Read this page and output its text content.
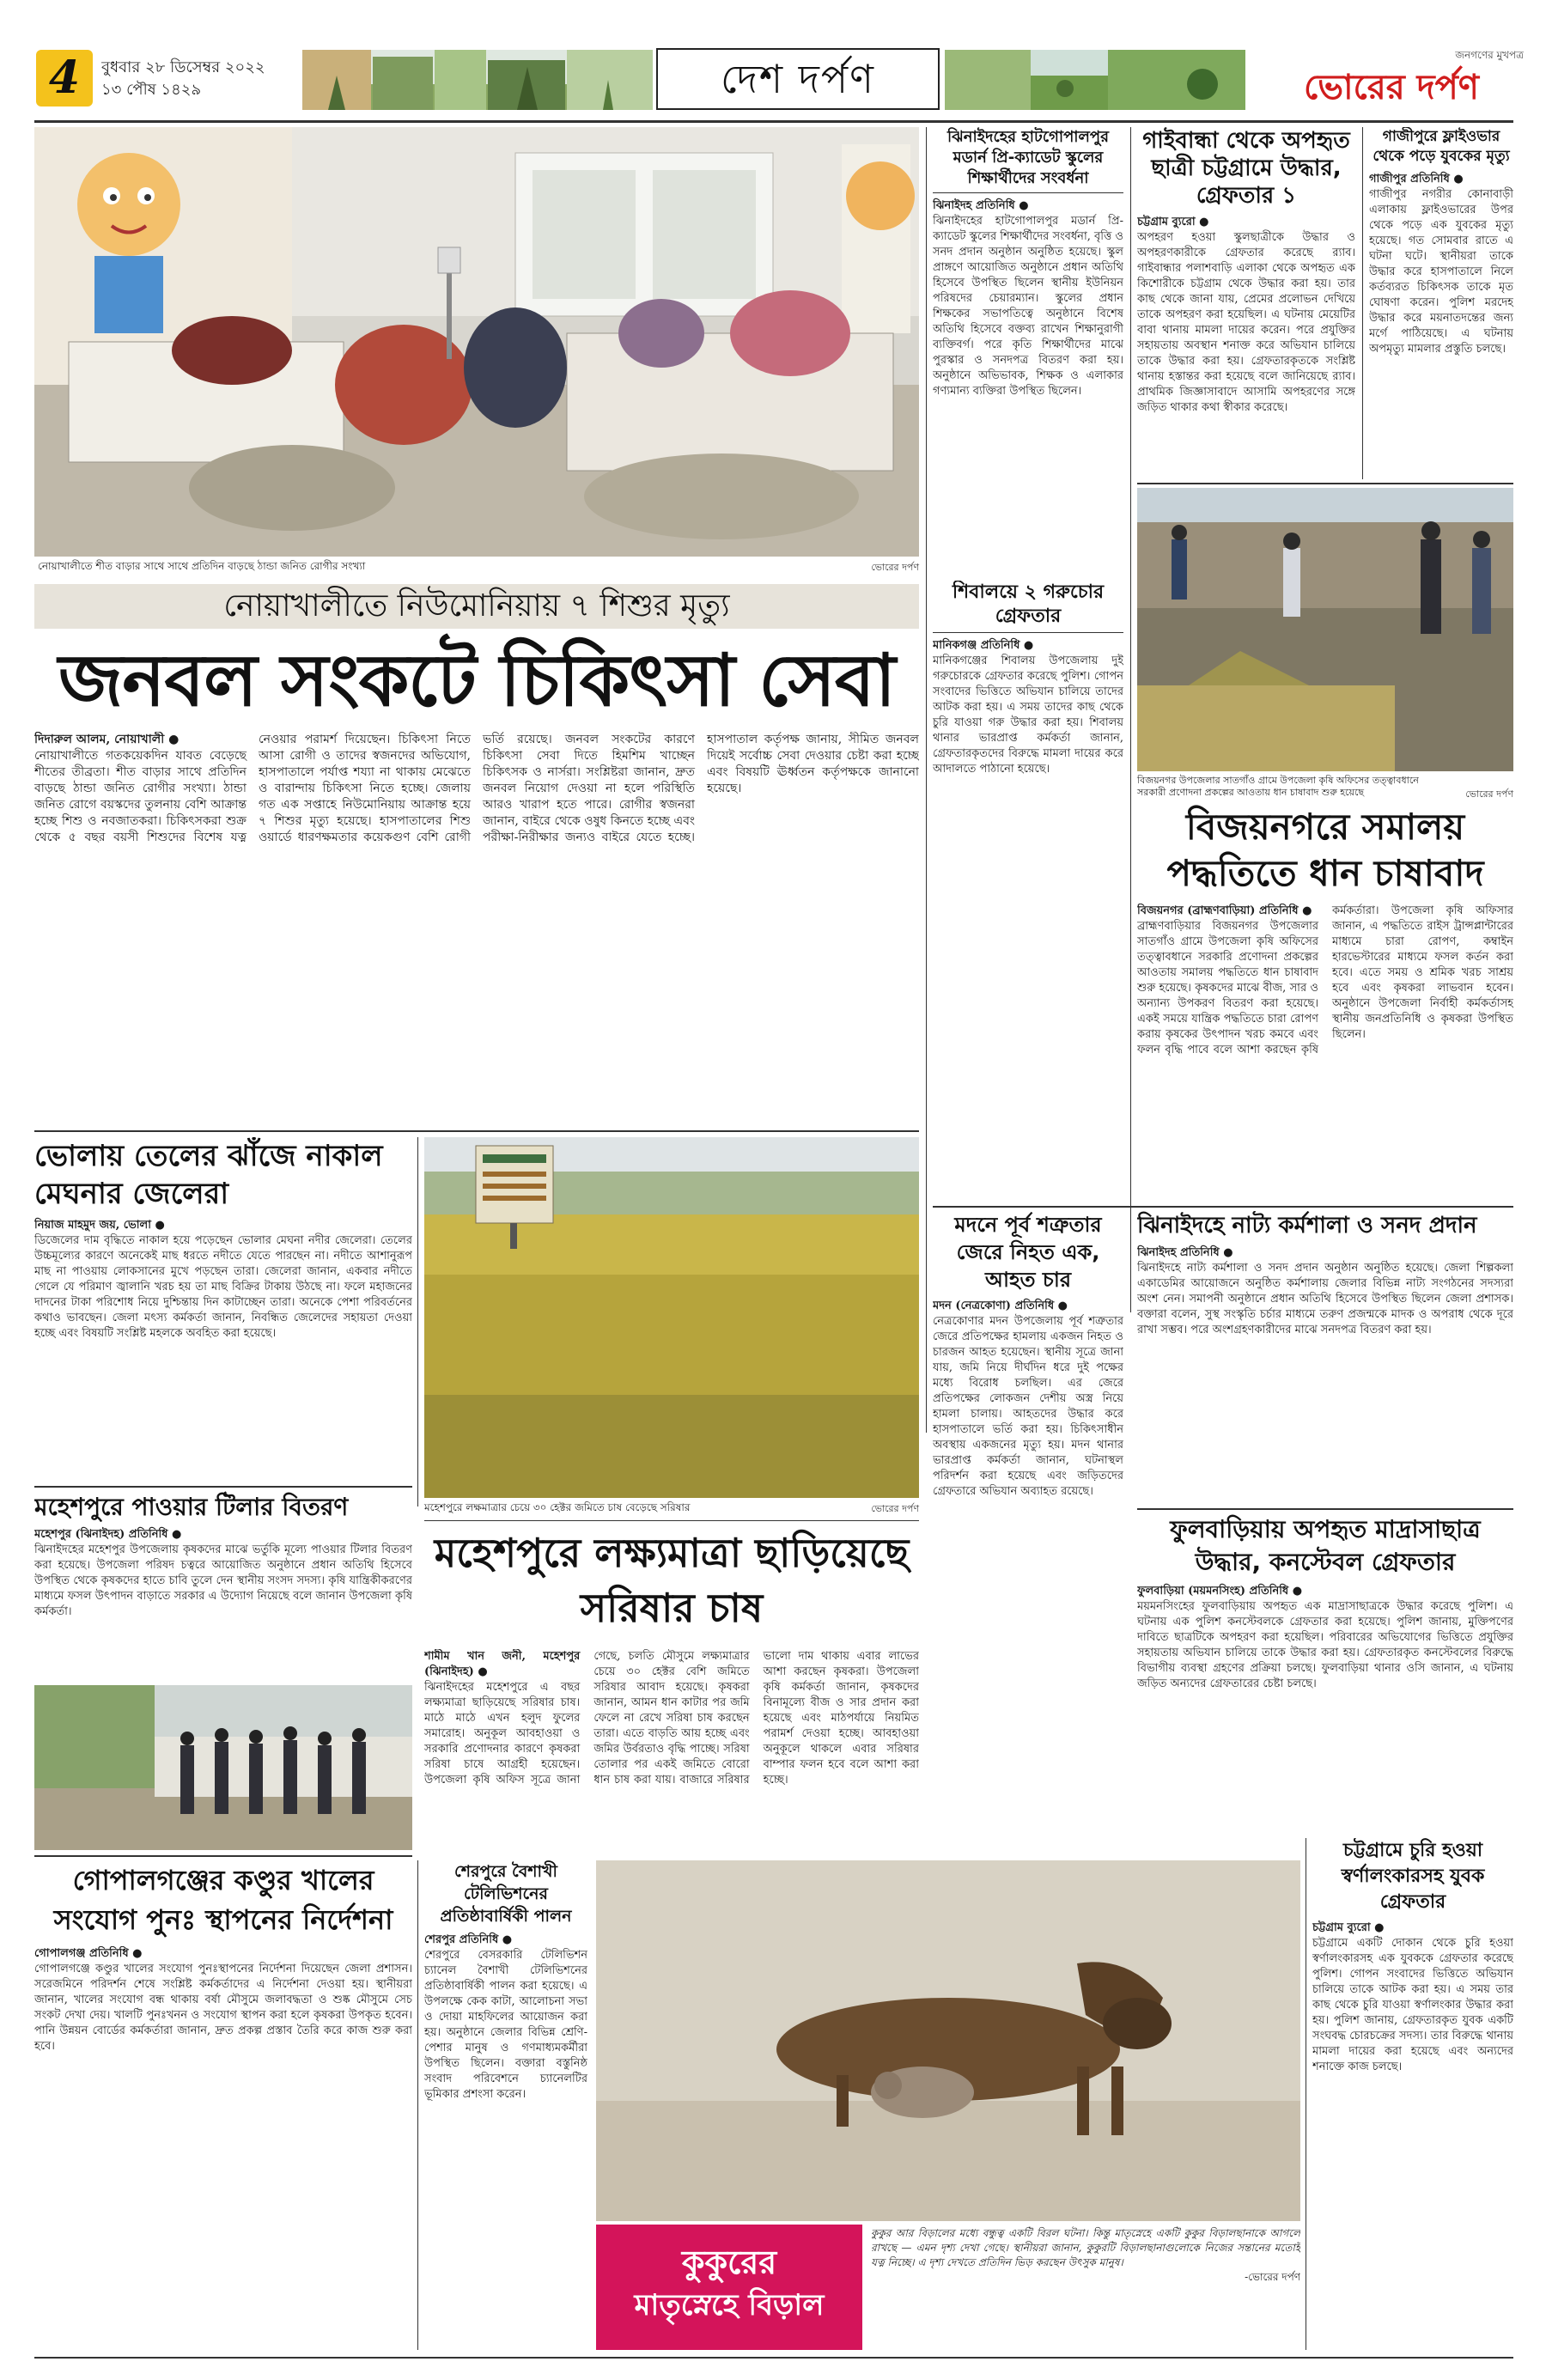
4	বুধবার ২৮ ডিসেম্বর ২০২২
১৩ পৌষ ১৪২৯	দেশ দর্পণ
জনগণের মুখপত্র
ভোরের দর্পণ
নোয়াখালীতে শীত বাড়ার সাথে সাথে প্রতিদিন বাড়ছে ঠান্ডা জনিত রোগীর সংখ্যা	ভোরের দর্পণ
নোয়াখালীতে নিউমোনিয়ায় ৭ শিশুর মৃত্যু
জনবল সংকটে চিকিৎসা সেবা
দিদারুল আলম, নোয়াখালী ●
নোয়াখালীতে গতকয়েকদিন যাবত বেড়েছে শীতের তীব্রতা। শীত বাড়ার সাথে প্রতিদিন বাড়ছে ঠান্ডা জনিত রোগীর সংখ্যা। ঠান্ডা জনিত রোগে বয়স্কদের তুলনায় বেশি আক্রান্ত হচ্ছে শিশু ও নবজাতকরা। চিকিৎসকরা শুক্র থেকে ৫ বছর বয়সী শিশুদের বিশেষ যত্ন নেওয়ার পরামর্শ দিয়েছেন। চিকিৎসা নিতে আসা রোগী ও তাদের স্বজনদের অভিযোগ, হাসপাতালে পর্যাপ্ত শয্যা না থাকায় মেঝেতে ও বারান্দায় চিকিৎসা নিতে হচ্ছে। জেলায় গত এক সপ্তাহে নিউমোনিয়ায় আক্রান্ত হয়ে ৭ শিশুর মৃত্যু হয়েছে। হাসপাতালের শিশু ওয়ার্ডে ধারণক্ষমতার কয়েকগুণ বেশি রোগী ভর্তি রয়েছে। জনবল সংকটের কারণে চিকিৎসা সেবা দিতে হিমশিম খাচ্ছেন চিকিৎসক ও নার্সরা। সংশ্লিষ্টরা জানান, দ্রুত জনবল নিয়োগ দেওয়া না হলে পরিস্থিতি আরও খারাপ হতে পারে। রোগীর স্বজনরা জানান, বাইরে থেকে ওষুধ কিনতে হচ্ছে এবং পরীক্ষা-নিরীক্ষার জন্যও বাইরে যেতে হচ্ছে। হাসপাতাল কর্তৃপক্ষ জানায়, সীমিত জনবল দিয়েই সর্বোচ্চ সেবা দেওয়ার চেষ্টা করা হচ্ছে এবং বিষয়টি ঊর্ধ্বতন কর্তৃপক্ষকে জানানো হয়েছে।
ঝিনাইদহের হাটগোপালপুর মডার্ন প্রি-ক্যাডেট স্কুলের শিক্ষার্থীদের সংবর্ধনা
ঝিনাইদহ প্রতিনিধি ●
ঝিনাইদহের হাটগোপালপুর মডার্ন প্রি-ক্যাডেট স্কুলের শিক্ষার্থীদের সংবর্ধনা, বৃত্তি ও সনদ প্রদান অনুষ্ঠান অনুষ্ঠিত হয়েছে। স্কুল প্রাঙ্গণে আয়োজিত অনুষ্ঠানে প্রধান অতিথি হিসেবে উপস্থিত ছিলেন স্থানীয় ইউনিয়ন পরিষদের চেয়ারম্যান। স্কুলের প্রধান শিক্ষকের সভাপতিত্বে অনুষ্ঠানে বিশেষ অতিথি হিসেবে বক্তব্য রাখেন শিক্ষানুরাগী ব্যক্তিবর্গ। পরে কৃতি শিক্ষার্থীদের মাঝে পুরস্কার ও সনদপত্র বিতরণ করা হয়। অনুষ্ঠানে অভিভাবক, শিক্ষক ও এলাকার গণ্যমান্য ব্যক্তিরা উপস্থিত ছিলেন।
শিবালয়ে ২ গরুচোর গ্রেফতার
মানিকগঞ্জ প্রতিনিধি ●
মানিকগঞ্জের শিবালয় উপজেলায় দুই গরুচোরকে গ্রেফতার করেছে পুলিশ। গোপন সংবাদের ভিত্তিতে অভিযান চালিয়ে তাদের আটক করা হয়। এ সময় তাদের কাছ থেকে চুরি যাওয়া গরু উদ্ধার করা হয়। শিবালয় থানার ভারপ্রাপ্ত কর্মকর্তা জানান, গ্রেফতারকৃতদের বিরুদ্ধে মামলা দায়ের করে আদালতে পাঠানো হয়েছে।
গাইবান্ধা থেকে অপহৃত ছাত্রী চট্টগ্রামে উদ্ধার, গ্রেফতার ১
চট্টগ্রাম ব্যুরো ●
অপহরণ হওয়া স্কুলছাত্রীকে উদ্ধার ও অপহরণকারীকে গ্রেফতার করেছে র‌্যাব। গাইবান্ধার পলাশবাড়ি এলাকা থেকে অপহৃত এক কিশোরীকে চট্টগ্রাম থেকে উদ্ধার করা হয়। তার কাছ থেকে জানা যায়, প্রেমের প্রলোভন দেখিয়ে তাকে অপহরণ করা হয়েছিল। এ ঘটনায় মেয়েটির বাবা থানায় মামলা দায়ের করেন। পরে প্রযুক্তির সহায়তায় অবস্থান শনাক্ত করে অভিযান চালিয়ে তাকে উদ্ধার করা হয়। গ্রেফতারকৃতকে সংশ্লিষ্ট থানায় হস্তান্তর করা হয়েছে বলে জানিয়েছে র‌্যাব। প্রাথমিক জিজ্ঞাসাবাদে আসামি অপহরণের সঙ্গে জড়িত থাকার কথা স্বীকার করেছে।
গাজীপুরে ফ্লাইওভার থেকে পড়ে যুবকের মৃত্যু
গাজীপুর প্রতিনিধি ●
গাজীপুর নগরীর কোনাবাড়ী এলাকায় ফ্লাইওভারের উপর থেকে পড়ে এক যুবকের মৃত্যু হয়েছে। গত সোমবার রাতে এ ঘটনা ঘটে। স্থানীয়রা তাকে উদ্ধার করে হাসপাতালে নিলে কর্তব্যরত চিকিৎসক তাকে মৃত ঘোষণা করেন। পুলিশ মরদেহ উদ্ধার করে ময়নাতদন্তের জন্য মর্গে পাঠিয়েছে। এ ঘটনায় অপমৃত্যু মামলার প্রস্তুতি চলছে।
বিজয়নগর উপজেলার সাতগাঁও গ্রামে উপজেলা কৃষি অফিসের তত্ত্বাবধানে সরকারী প্রণোদনা প্রকল্পের আওতায় ধান চাষাবাদ শুরু হয়েছে	ভোরের দর্পণ
বিজয়নগরে সমালয় পদ্ধতিতে ধান চাষাবাদ
বিজয়নগর (ব্রাহ্মণবাড়িয়া) প্রতিনিধি ●
ব্রাহ্মণবাড়িয়ার বিজয়নগর উপজেলার সাতগাঁও গ্রামে উপজেলা কৃষি অফিসের তত্ত্বাবধানে সরকারি প্রণোদনা প্রকল্পের আওতায় সমালয় পদ্ধতিতে ধান চাষাবাদ শুরু হয়েছে। কৃষকদের মাঝে বীজ, সার ও অন্যান্য উপকরণ বিতরণ করা হয়েছে। একই সময়ে যান্ত্রিক পদ্ধতিতে চারা রোপণ করায় কৃষকের উৎপাদন খরচ কমবে এবং ফলন বৃদ্ধি পাবে বলে আশা করছেন কৃষি কর্মকর্তারা। উপজেলা কৃষি অফিসার জানান, এ পদ্ধতিতে রাইস ট্রান্সপ্লান্টারের মাধ্যমে চারা রোপণ, কম্বাইন হারভেস্টারের মাধ্যমে ফসল কর্তন করা হবে। এতে সময় ও শ্রমিক খরচ সাশ্রয় হবে এবং কৃষকরা লাভবান হবেন। অনুষ্ঠানে উপজেলা নির্বাহী কর্মকর্তাসহ স্থানীয় জনপ্রতিনিধি ও কৃষকরা উপস্থিত ছিলেন।
ভোলায় তেলের ঝাঁজে নাকাল মেঘনার জেলেরা
নিয়াজ মাহমুদ জয়, ভোলা ●
ডিজেলের দাম বৃদ্ধিতে নাকাল হয়ে পড়েছেন ভোলার মেঘনা নদীর জেলেরা। তেলের উচ্চমূল্যের কারণে অনেকেই মাছ ধরতে নদীতে যেতে পারছেন না। নদীতে আশানুরূপ মাছ না পাওয়ায় লোকসানের মুখে পড়ছেন তারা। জেলেরা জানান, একবার নদীতে গেলে যে পরিমাণ জ্বালানি খরচ হয় তা মাছ বিক্রির টাকায় উঠছে না। ফলে মহাজনের দাদনের টাকা পরিশোধ নিয়ে দুশ্চিন্তায় দিন কাটাচ্ছেন তারা। অনেকে পেশা পরিবর্তনের কথাও ভাবছেন। জেলা মৎস্য কর্মকর্তা জানান, নিবন্ধিত জেলেদের সহায়তা দেওয়া হচ্ছে এবং বিষয়টি সংশ্লিষ্ট মহলকে অবহিত করা হয়েছে।
মহেশপুরে লক্ষমাত্রার চেয়ে ৩০ হেক্টর জমিতে চাষ বেড়েছে সরিষার	ভোরের দর্পণ
মদনে পূর্ব শত্রুতার জেরে নিহত এক, আহত চার
মদন (নেত্রকোণা) প্রতিনিধি ●
নেত্রকোণার মদন উপজেলায় পূর্ব শত্রুতার জেরে প্রতিপক্ষের হামলায় একজন নিহত ও চারজন আহত হয়েছেন। স্থানীয় সূত্রে জানা যায়, জমি নিয়ে দীর্ঘদিন ধরে দুই পক্ষের মধ্যে বিরোধ চলছিল। এর জেরে প্রতিপক্ষের লোকজন দেশীয় অস্ত্র নিয়ে হামলা চালায়। আহতদের উদ্ধার করে হাসপাতালে ভর্তি করা হয়। চিকিৎসাধীন অবস্থায় একজনের মৃত্যু হয়। মদন থানার ভারপ্রাপ্ত কর্মকর্তা জানান, ঘটনাস্থল পরিদর্শন করা হয়েছে এবং জড়িতদের গ্রেফতারে অভিযান অব্যাহত রয়েছে।
ঝিনাইদহে নাট্য কর্মশালা ও সনদ প্রদান
ঝিনাইদহ প্রতিনিধি ●
ঝিনাইদহে নাট্য কর্মশালা ও সনদ প্রদান অনুষ্ঠান অনুষ্ঠিত হয়েছে। জেলা শিল্পকলা একাডেমির আয়োজনে অনুষ্ঠিত কর্মশালায় জেলার বিভিন্ন নাট্য সংগঠনের সদস্যরা অংশ নেন। সমাপনী অনুষ্ঠানে প্রধান অতিথি হিসেবে উপস্থিত ছিলেন জেলা প্রশাসক। বক্তারা বলেন, সুস্থ সংস্কৃতি চর্চার মাধ্যমে তরুণ প্রজন্মকে মাদক ও অপরাধ থেকে দূরে রাখা সম্ভব। পরে অংশগ্রহণকারীদের মাঝে সনদপত্র বিতরণ করা হয়।
ফুলবাড়িয়ায় অপহৃত মাদ্রাসাছাত্র উদ্ধার, কনস্টেবল গ্রেফতার
ফুলবাড়িয়া (ময়মনসিংহ) প্রতিনিধি ●
ময়মনসিংহের ফুলবাড়িয়ায় অপহৃত এক মাদ্রাসাছাত্রকে উদ্ধার করেছে পুলিশ। এ ঘটনায় এক পুলিশ কনস্টেবলকে গ্রেফতার করা হয়েছে। পুলিশ জানায়, মুক্তিপণের দাবিতে ছাত্রটিকে অপহরণ করা হয়েছিল। পরিবারের অভিযোগের ভিত্তিতে প্রযুক্তির সহায়তায় অভিযান চালিয়ে তাকে উদ্ধার করা হয়। গ্রেফতারকৃত কনস্টেবলের বিরুদ্ধে বিভাগীয় ব্যবস্থা গ্রহণের প্রক্রিয়া চলছে। ফুলবাড়িয়া থানার ওসি জানান, এ ঘটনায় জড়িত অন্যদের গ্রেফতারের চেষ্টা চলছে।
মহেশপুরে পাওয়ার টিলার বিতরণ
মহেশপুর (ঝিনাইদহ) প্রতিনিধি ●
ঝিনাইদহের মহেশপুর উপজেলায় কৃষকদের মাঝে ভর্তুকি মূল্যে পাওয়ার টিলার বিতরণ করা হয়েছে। উপজেলা পরিষদ চত্বরে আয়োজিত অনুষ্ঠানে প্রধান অতিথি হিসেবে উপস্থিত থেকে কৃষকদের হাতে চাবি তুলে দেন স্থানীয় সংসদ সদস্য। কৃষি যান্ত্রিকীকরণের মাধ্যমে ফসল উৎপাদন বাড়াতে সরকার এ উদ্যোগ নিয়েছে বলে জানান উপজেলা কৃষি কর্মকর্তা।
মহেশপুরে লক্ষ্যমাত্রা ছাড়িয়েছে সরিষার চাষ
শামীম খান জনী, মহেশপুর (ঝিনাইদহ) ●
ঝিনাইদহের মহেশপুরে এ বছর লক্ষ্যমাত্রা ছাড়িয়েছে সরিষার চাষ। মাঠে মাঠে এখন হলুদ ফুলের সমারোহ। অনুকূল আবহাওয়া ও সরকারি প্রণোদনার কারণে কৃষকরা সরিষা চাষে আগ্রহী হয়েছেন। উপজেলা কৃষি অফিস সূত্রে জানা গেছে, চলতি মৌসুমে লক্ষ্যমাত্রার চেয়ে ৩০ হেক্টর বেশি জমিতে সরিষার আবাদ হয়েছে। কৃষকরা জানান, আমন ধান কাটার পর জমি ফেলে না রেখে সরিষা চাষ করছেন তারা। এতে বাড়তি আয় হচ্ছে এবং জমির উর্বরতাও বৃদ্ধি পাচ্ছে। সরিষা তোলার পর একই জমিতে বোরো ধান চাষ করা যায়। বাজারে সরিষার ভালো দাম থাকায় এবার লাভের আশা করছেন কৃষকরা। উপজেলা কৃষি কর্মকর্তা জানান, কৃষকদের বিনামূল্যে বীজ ও সার প্রদান করা হয়েছে এবং মাঠপর্যায়ে নিয়মিত পরামর্শ দেওয়া হচ্ছে। আবহাওয়া অনুকূলে থাকলে এবার সরিষার বাম্পার ফলন হবে বলে আশা করা হচ্ছে।
গোপালগঞ্জের কণ্ডুর খালের সংযোগ পুনঃ স্থাপনের নির্দেশনা
গোপালগঞ্জ প্রতিনিধি ●
গোপালগঞ্জে কণ্ডুর খালের সংযোগ পুনঃস্থাপনের নির্দেশনা দিয়েছেন জেলা প্রশাসন। সরেজমিনে পরিদর্শন শেষে সংশ্লিষ্ট কর্মকর্তাদের এ নির্দেশনা দেওয়া হয়। স্থানীয়রা জানান, খালের সংযোগ বন্ধ থাকায় বর্ষা মৌসুমে জলাবদ্ধতা ও শুষ্ক মৌসুমে সেচ সংকট দেখা দেয়। খালটি পুনঃখনন ও সংযোগ স্থাপন করা হলে কৃষকরা উপকৃত হবেন। পানি উন্নয়ন বোর্ডের কর্মকর্তারা জানান, দ্রুত প্রকল্প প্রস্তাব তৈরি করে কাজ শুরু করা হবে।
শেরপুরে বৈশাখী টেলিভিশনের প্রতিষ্ঠাবার্ষিকী পালন
শেরপুর প্রতিনিধি ●
শেরপুরে বেসরকারি টেলিভিশন চ্যানেল বৈশাখী টেলিভিশনের প্রতিষ্ঠাবার্ষিকী পালন করা হয়েছে। এ উপলক্ষে কেক কাটা, আলোচনা সভা ও দোয়া মাহফিলের আয়োজন করা হয়। অনুষ্ঠানে জেলার বিভিন্ন শ্রেণি-পেশার মানুষ ও গণমাধ্যমকর্মীরা উপস্থিত ছিলেন। বক্তারা বস্তুনিষ্ঠ সংবাদ পরিবেশনে চ্যানেলটির ভূমিকার প্রশংসা করেন।
কুকুরের
মাতৃস্নেহে বিড়াল
কুকুর আর বিড়ালের মধ্যে বন্ধুত্ব একটি বিরল ঘটনা। কিন্তু মাতৃস্নেহে একটি কুকুর বিড়ালছানাকে আগলে রাখছে — এমন দৃশ্য দেখা গেছে। স্থানীয়রা জানান, কুকুরটি বিড়ালছানাগুলোকে নিজের সন্তানের মতোই যত্ন নিচ্ছে। এ দৃশ্য দেখতে প্রতিদিন ভিড় করছেন উৎসুক মানুষ।
-ভোরের দর্পণ
চট্টগ্রামে চুরি হওয়া স্বর্ণালংকারসহ যুবক গ্রেফতার
চট্টগ্রাম ব্যুরো ●
চট্টগ্রামে একটি দোকান থেকে চুরি হওয়া স্বর্ণালংকারসহ এক যুবককে গ্রেফতার করেছে পুলিশ। গোপন সংবাদের ভিত্তিতে অভিযান চালিয়ে তাকে আটক করা হয়। এ সময় তার কাছ থেকে চুরি যাওয়া স্বর্ণালংকার উদ্ধার করা হয়। পুলিশ জানায়, গ্রেফতারকৃত যুবক একটি সংঘবদ্ধ চোরচক্রের সদস্য। তার বিরুদ্ধে থানায় মামলা দায়ের করা হয়েছে এবং অন্যদের শনাক্তে কাজ চলছে।
